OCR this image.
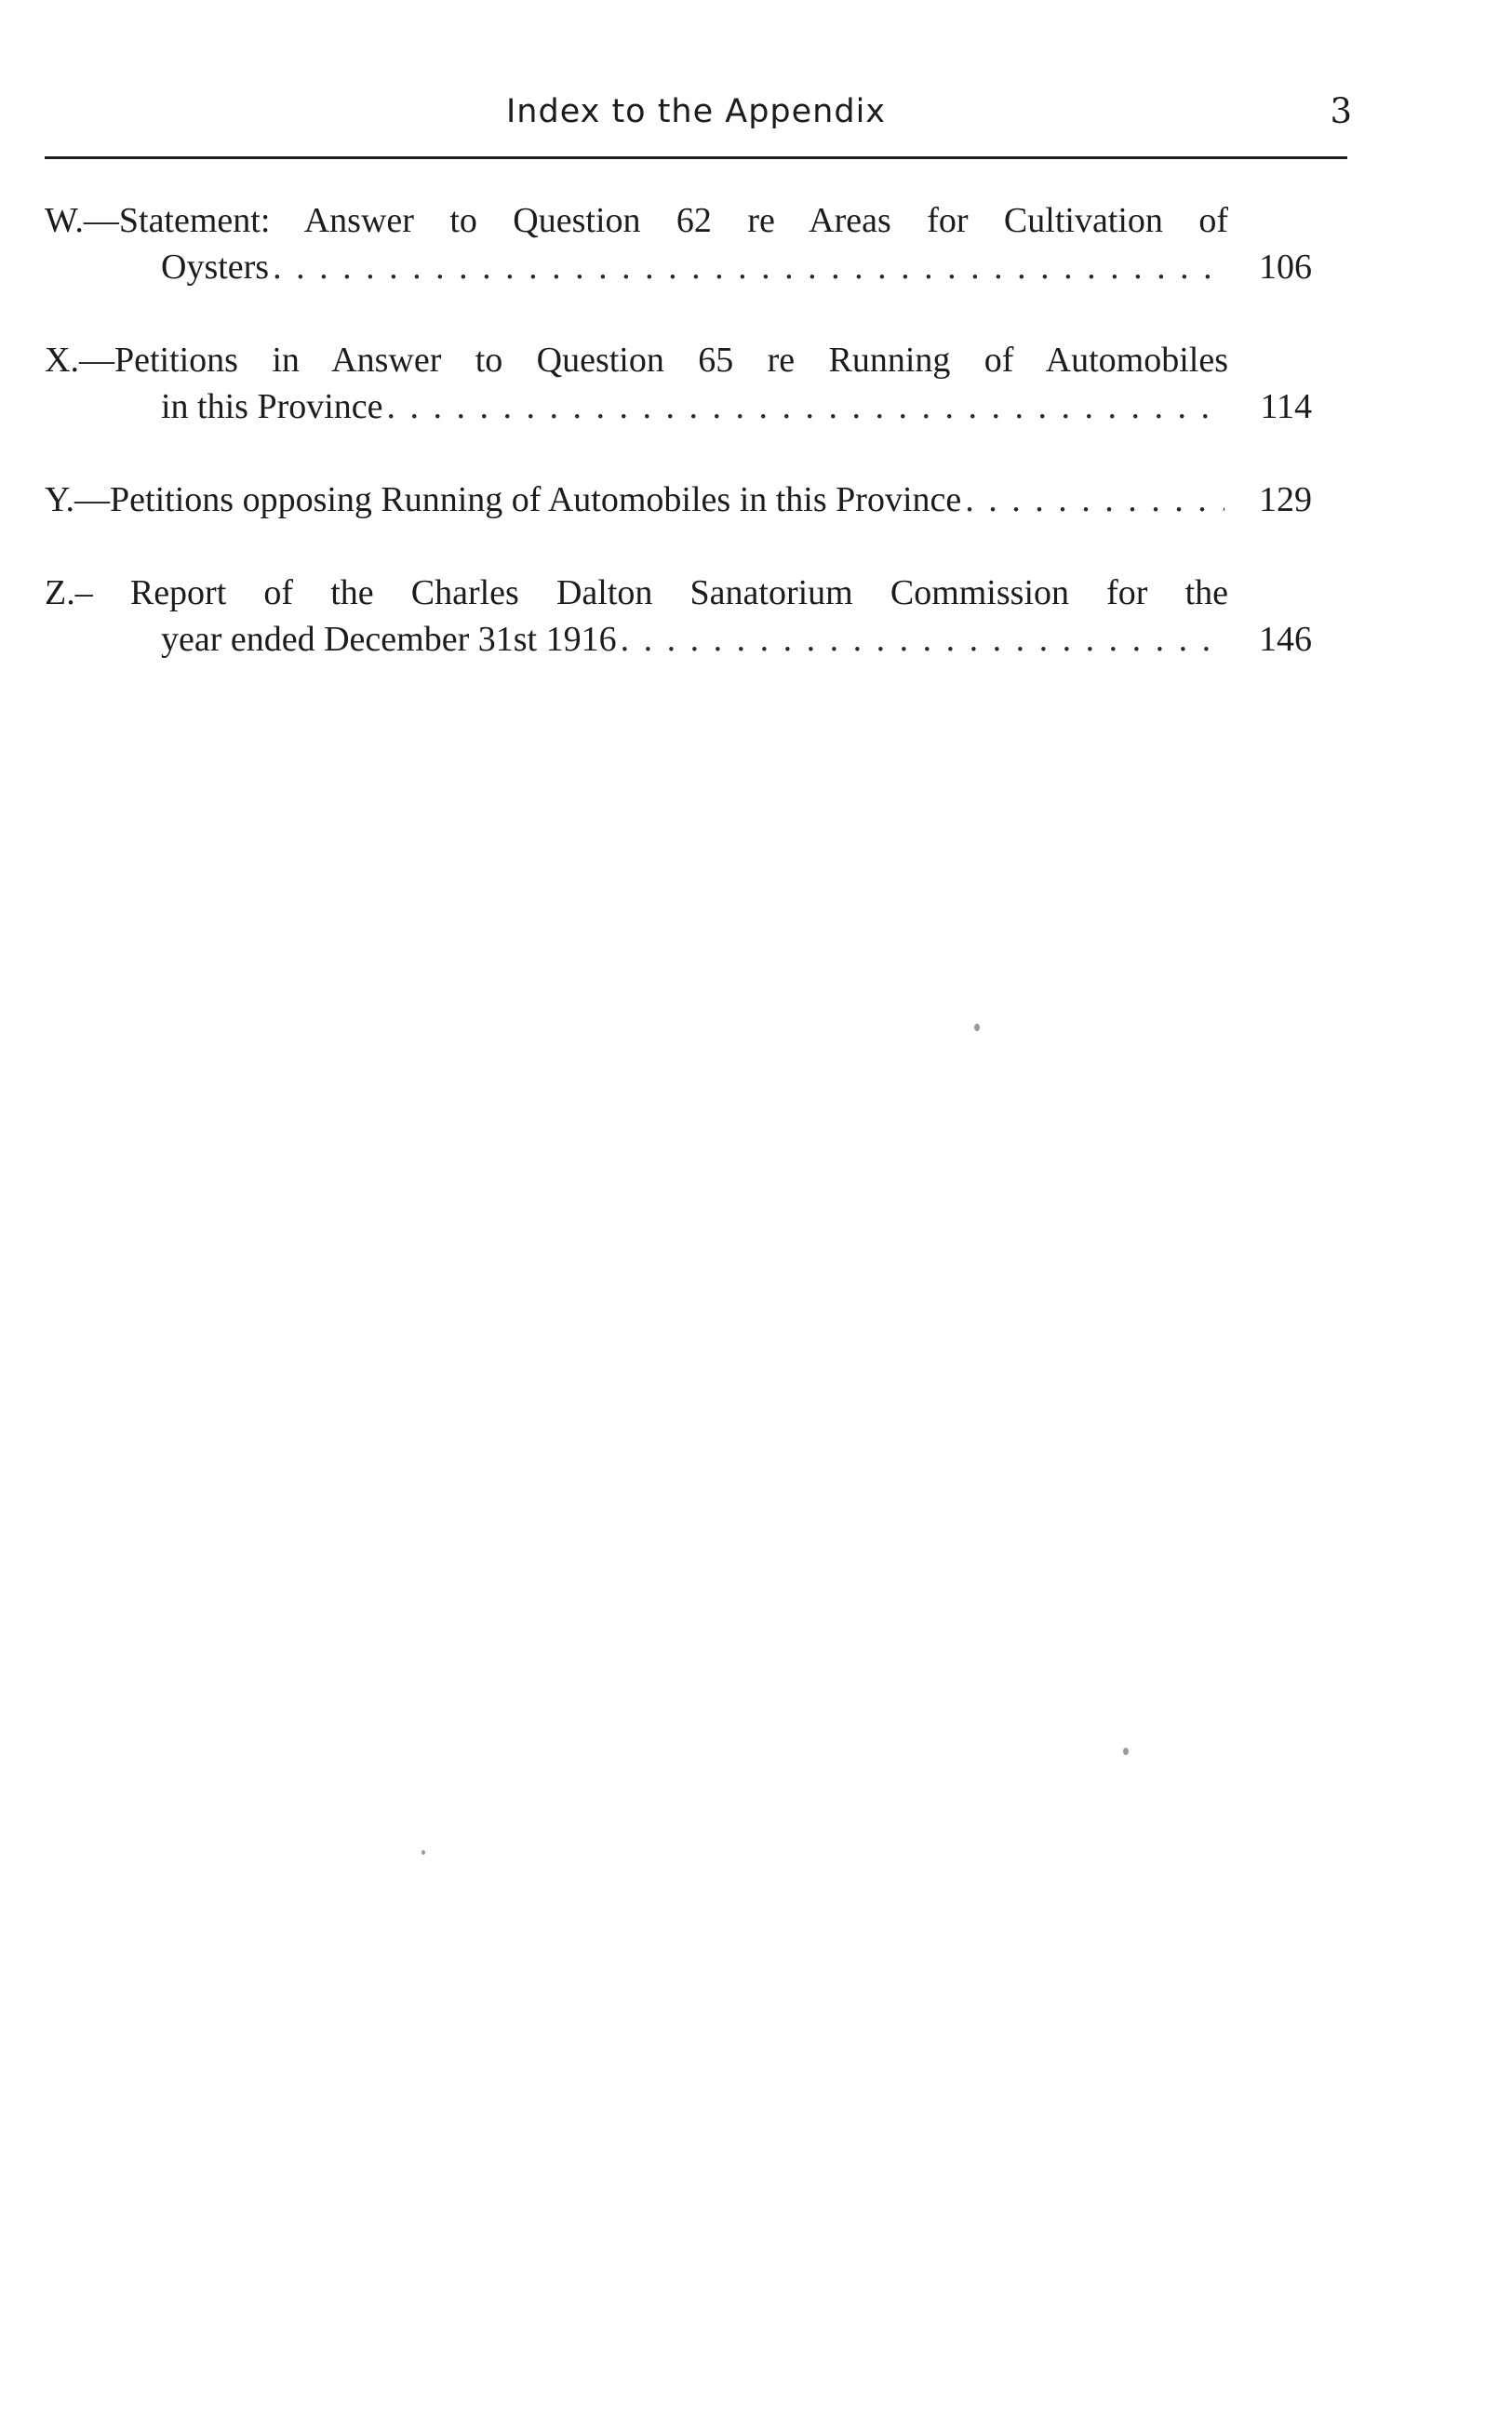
Index to the Appendix	3
W.—Statement: Answer to Question 62 re Areas for Cultivation of
Oysters . . .	106
X.—Petitions in Answer to Question 65 re Running of Automobiles
in this Province . . .	114
Y.—Petitions opposing Running of Automobiles in this Province . . .	129
Z.– Report of the Charles Dalton Sanatorium Commission for the
year ended December 31st 1916 . . .	146
